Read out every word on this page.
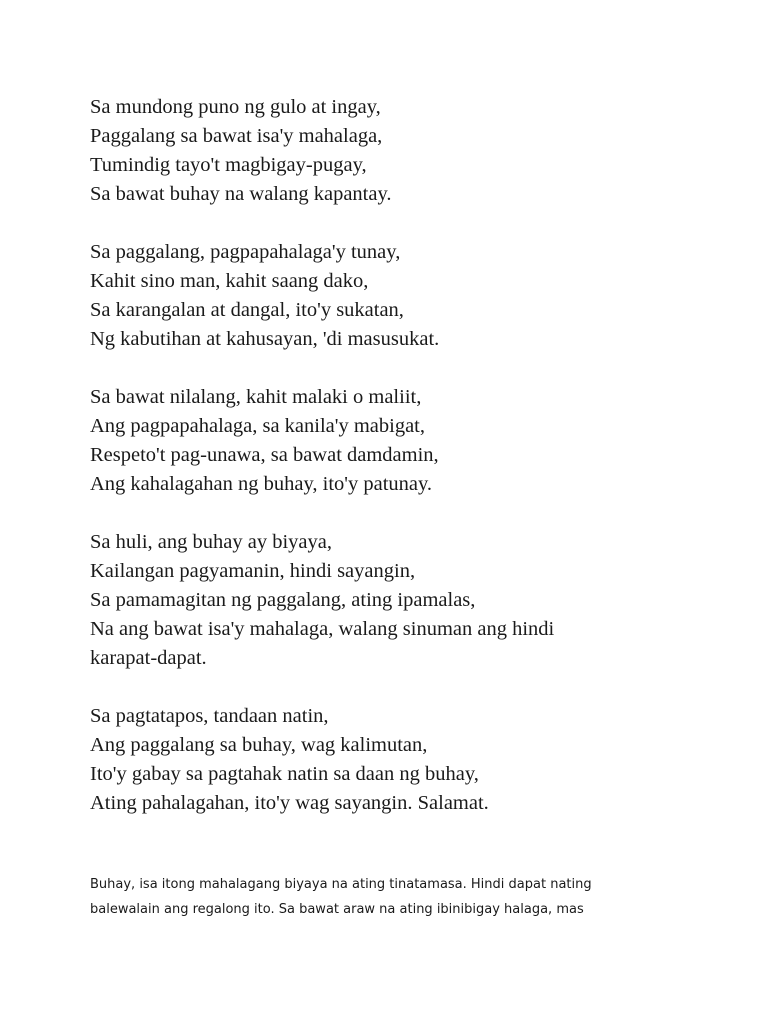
Sa mundong puno ng gulo at ingay,
Paggalang sa bawat isa'y mahalaga,
Tumindig tayo't magbigay-pugay,
Sa bawat buhay na walang kapantay.
Sa paggalang, pagpapahalaga'y tunay,
Kahit sino man, kahit saang dako,
Sa karangalan at dangal, ito'y sukatan,
Ng kabutihan at kahusayan, 'di masusukat.
Sa bawat nilalang, kahit malaki o maliit,
Ang pagpapahalaga, sa kanila'y mabigat,
Respeto't pag-unawa, sa bawat damdamin,
Ang kahalagahan ng buhay, ito'y patunay.
Sa huli, ang buhay ay biyaya,
Kailangan pagyamanin, hindi sayangin,
Sa pamamagitan ng paggalang, ating ipamalas,
Na ang bawat isa'y mahalaga, walang sinuman ang hindi
karapat-dapat.
Sa pagtatapos, tandaan natin,
Ang paggalang sa buhay, wag kalimutan,
Ito'y gabay sa pagtahak natin sa daan ng buhay,
Ating pahalagahan, ito'y wag sayangin. Salamat.
Buhay, isa itong mahalagang biyaya na ating tinatamasa. Hindi dapat nating
balewalain ang regalong ito. Sa bawat araw na ating ibinibigay halaga, mas
